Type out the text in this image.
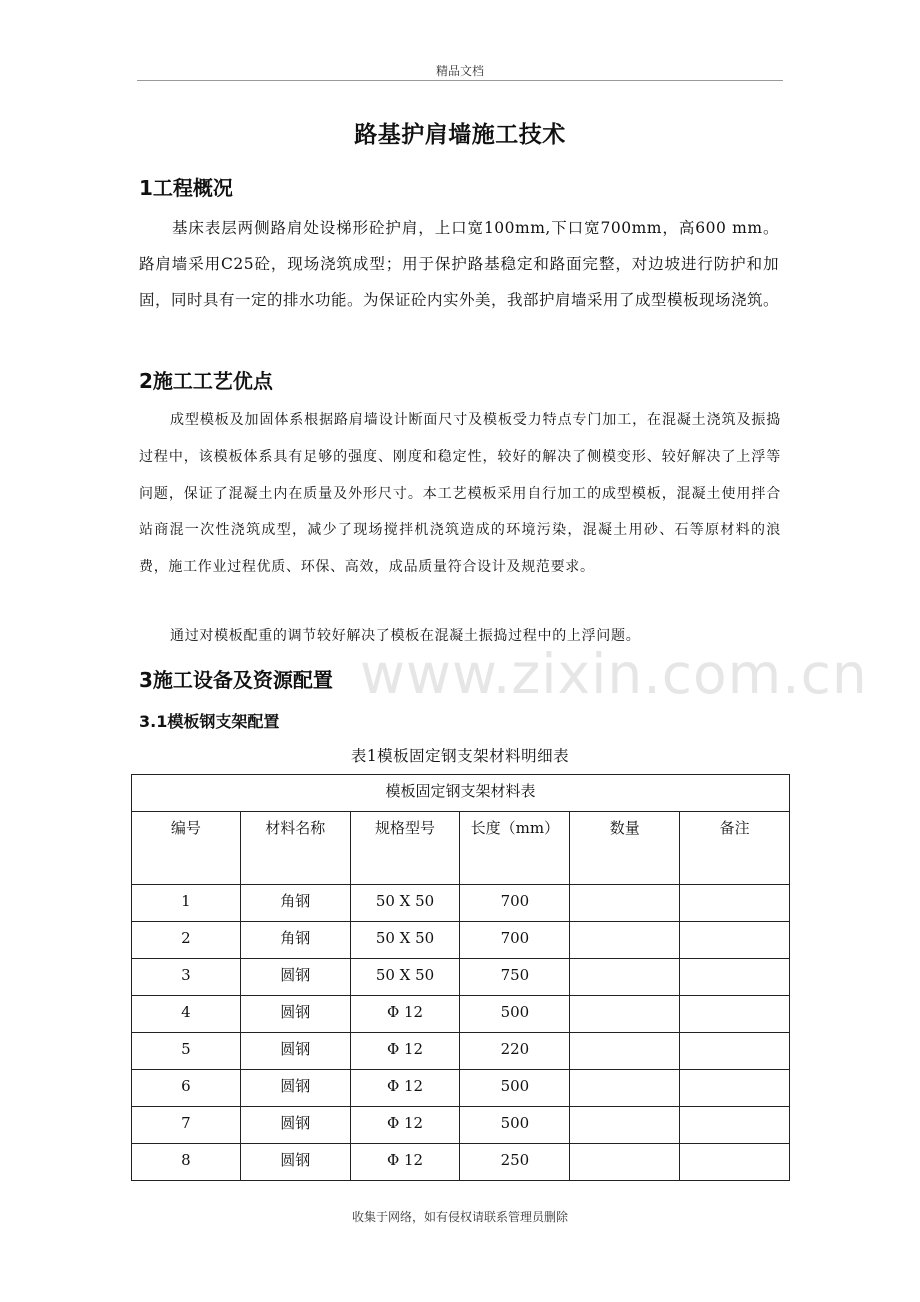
精品文档
路基护肩墙施工技术
1工程概况

基床表层两侧路肩处设梯形砼护肩，上口宽100mm,下口宽700mm，高600 mm。路肩墙采用C25砼，现场浇筑成型；用于保护路基稳定和路面完整，对边坡进行防护和加固，同时具有一定的排水功能。为保证砼内实外美，我部护肩墙采用了成型模板现场浇筑。

2施工工艺优点

成型模板及加固体系根据路肩墙设计断面尺寸及模板受力特点专门加工，在混凝土浇筑及振捣过程中，该模板体系具有足够的强度、刚度和稳定性，较好的解决了侧模变形、较好解决了上浮等问题，保证了混凝土内在质量及外形尺寸。本工艺模板采用自行加工的成型模板，混凝土使用拌合站商混一次性浇筑成型，减少了现场搅拌机浇筑造成的环境污染，混凝土用砂、石等原材料的浪费，施工作业过程优质、环保、高效，成品质量符合设计及规范要求。

通过对模板配重的调节较好解决了模板在混凝土振捣过程中的上浮问题。

www.zixin.com.cn
3施工设备及资源配置
3.1模板钢支架配置
表1模板固定钢支架材料明细表
模板固定钢支架材料表					
编号	材料名称	规格型号	长度（mm）	数量	备注
1	角钢	50 X 50	700		
2	角钢	50 X 50	700		
3	圆钢	50 X 50	750		
4	圆钢	Φ 12	500		
5	圆钢	Φ 12	220		
6	圆钢	Φ 12	500		
7	圆钢	Φ 12	500		
8	圆钢	Φ 12	250		
收集于网络，如有侵权请联系管理员删除
